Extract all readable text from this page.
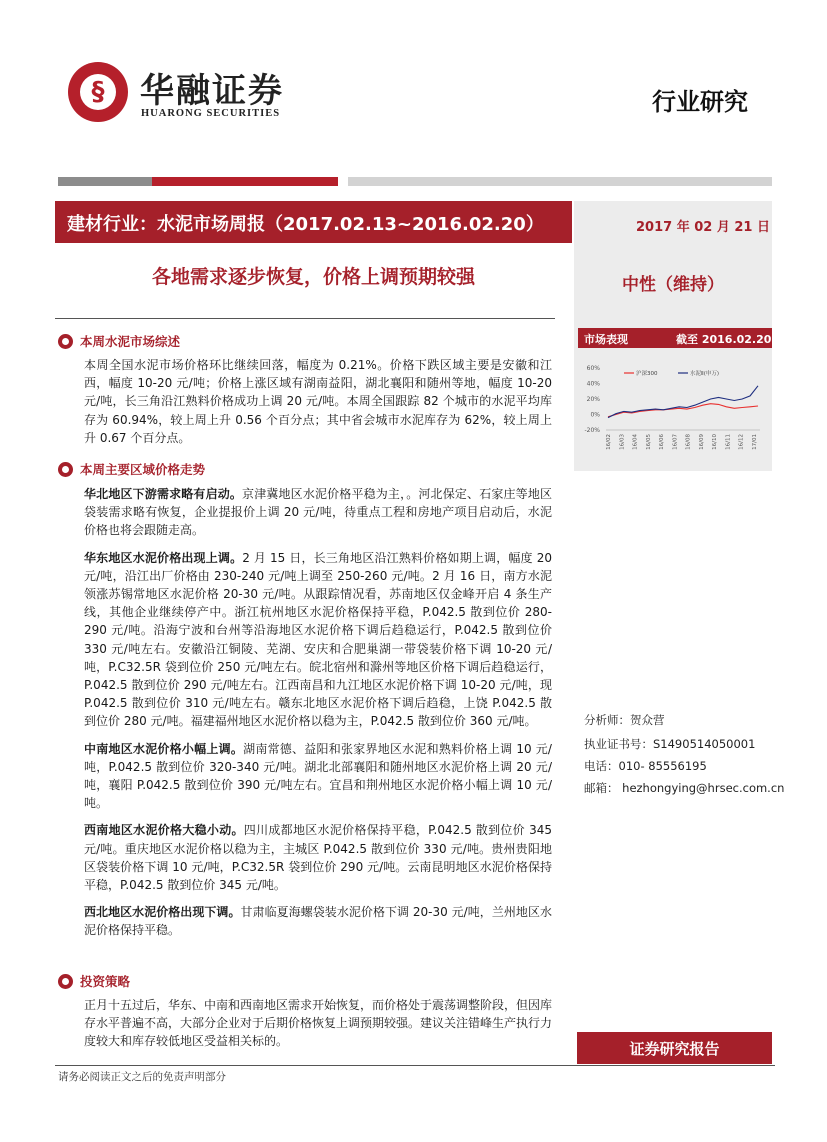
§	华融证券
HUARONG SECURITIES	行业研究
建材行业：水泥市场周报（2017.02.13~2016.02.20）	2017 年 02 月 21 日
各地需求逐步恢复，价格上调预期较强	中性（维持）
市场表现	截至 2016.02.20
60%
40%
20%
0%
-20%
16/02 16/03 16/04 16/05 16/06 16/07 16/08 16/09 16/10 16/11 16/12 17/01
沪深300	水泥Ⅱ(申万)
本周水泥市场综述

本周全国水泥市场价格环比继续回落，幅度为 0.21%。价格下跌区域主要是安徽和江西，幅度 10-20 元/吨；价格上涨区域有湖南益阳，湖北襄阳和随州等地，幅度 10-20 元/吨，长三角沿江熟料价格成功上调 20 元/吨。本周全国跟踪 82 个城市的水泥平均库存为 60.94%，较上周上升 0.56 个百分点；其中省会城市水泥库存为 62%，较上周上升 0.67 个百分点。

本周主要区域价格走势

华北地区下游需求略有启动。京津冀地区水泥价格平稳为主，。河北保定、石家庄等地区袋装需求略有恢复，企业提报价上调 20 元/吨，待重点工程和房地产项目启动后，水泥价格也将会跟随走高。

华东地区水泥价格出现上调。2 月 15 日，长三角地区沿江熟料价格如期上调，幅度 20 元/吨，沿江出厂价格由 230-240 元/吨上调至 250-260 元/吨。2 月 16 日，南方水泥领涨苏锡常地区水泥价格 20-30 元/吨。从跟踪情况看，苏南地区仅金峰开启 4 条生产线，其他企业继续停产中。浙江杭州地区水泥价格保持平稳，P.042.5 散到位价 280-290 元/吨。沿海宁波和台州等沿海地区水泥价格下调后趋稳运行，P.042.5 散到位价 330 元/吨左右。安徽沿江铜陵、芜湖、安庆和合肥巢湖一带袋装价格下调 10-20 元/吨，P.C32.5R 袋到位价 250 元/吨左右。皖北宿州和滁州等地区价格下调后趋稳运行，P.042.5 散到位价 290 元/吨左右。江西南昌和九江地区水泥价格下调 10-20 元/吨，现 P.042.5 散到位价 310 元/吨左右。赣东北地区水泥价格下调后趋稳，上饶 P.042.5 散到位价 280 元/吨。福建福州地区水泥价格以稳为主，P.042.5 散到位价 360 元/吨。

中南地区水泥价格小幅上调。湖南常德、益阳和张家界地区水泥和熟料价格上调 10 元/吨，P.042.5 散到位价 320-340 元/吨。湖北北部襄阳和随州地区水泥价格上调 20 元/吨，襄阳 P.042.5 散到位价 390 元/吨左右。宜昌和荆州地区水泥价格小幅上调 10 元/吨。

西南地区水泥价格大稳小动。四川成都地区水泥价格保持平稳，P.042.5 散到位价 345 元/吨。重庆地区水泥价格以稳为主，主城区 P.042.5 散到位价 330 元/吨。贵州贵阳地区袋装价格下调 10 元/吨，P.C32.5R 袋到位价 290 元/吨。云南昆明地区水泥价格保持平稳，P.042.5 散到位价 345 元/吨。

西北地区水泥价格出现下调。甘肃临夏海螺袋装水泥价格下调 20-30 元/吨，兰州地区水泥价格保持平稳。

投资策略

正月十五过后，华东、中南和西南地区需求开始恢复，而价格处于震荡调整阶段，但因库存水平普遍不高，大部分企业对于后期价格恢复上调预期较强。建议关注错峰生产执行力度较大和库存较低地区受益相关标的。

分析师：贺众营
执业证书号：S1490514050001
电话：010- 85556195
邮箱： hezhongying@hrsec.com.cn
证券研究报告
请务必阅读正文之后的免责声明部分
